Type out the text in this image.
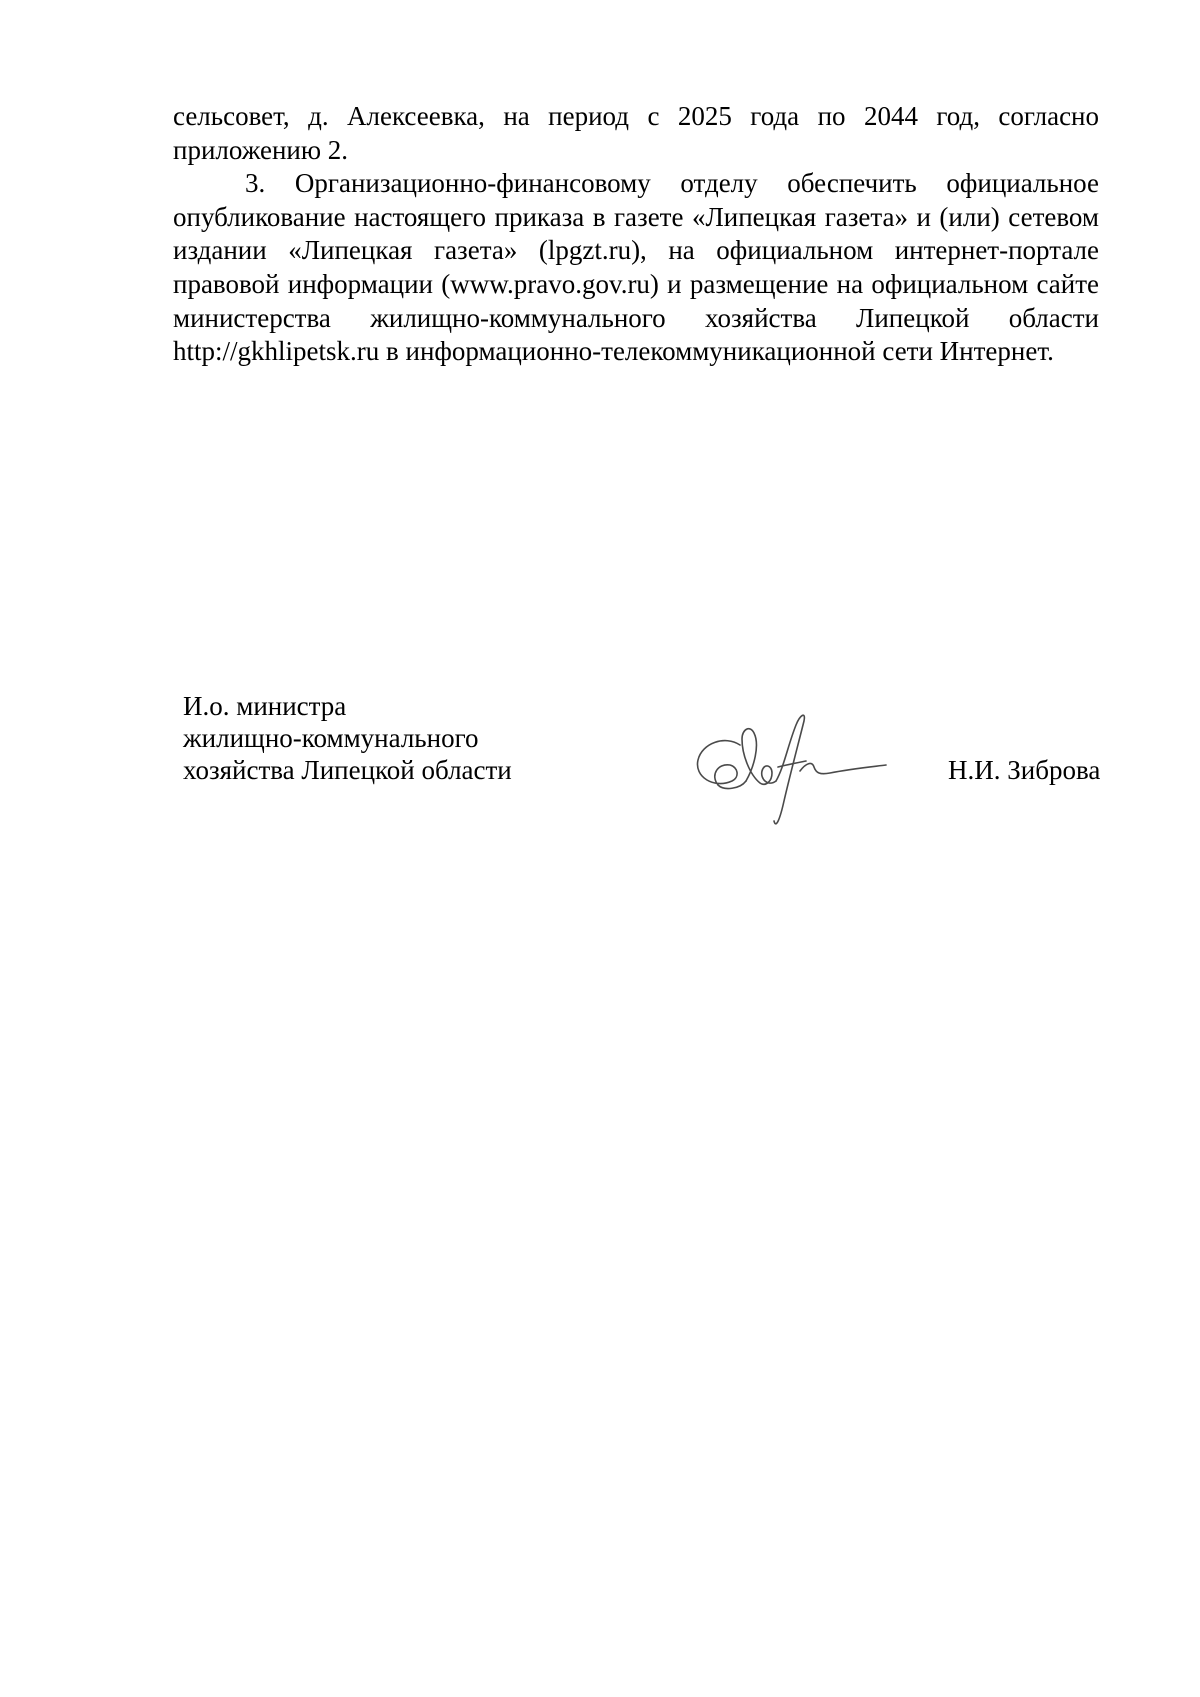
сельсовет, д. Алексеевка, на период с 2025 года по 2044 год, согласно приложению 2.

3. Организационно-финансовому отделу обеспечить официальное опубликование настоящего приказа в газете «Липецкая газета» и (или) сетевом издании «Липецкая газета» (lpgzt.ru), на официальном интернет-портале правовой информации (www.pravo.gov.ru) и размещение на официальном сайте министерства жилищно-коммунального хозяйства Липецкой области http://gkhlipetsk.ru в информационно-телекоммуникационной сети Интернет.

И.о. министра
жилищно-коммунального
хозяйства Липецкой области	Н.И. Зиброва
